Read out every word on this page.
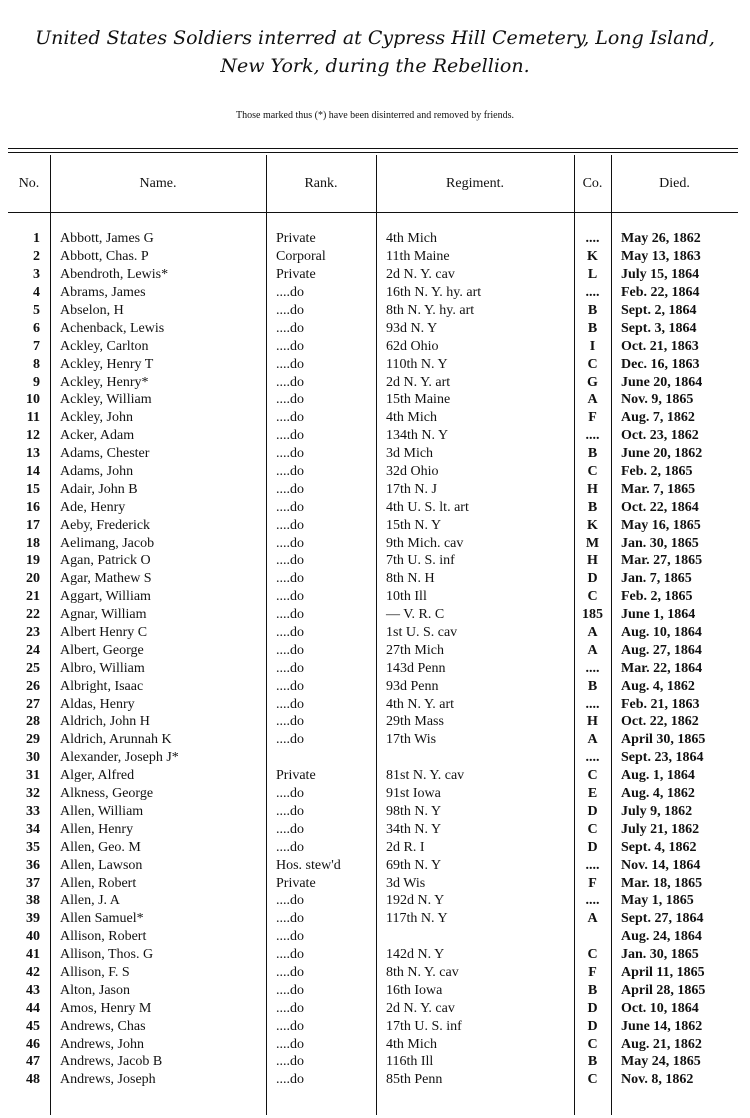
United States Soldiers interred at Cypress Hill Cemetery, Long Island,
New York, during the Rebellion.
Those marked thus (*) have been disinterred and removed by friends.
No.	Name.	Rank.	Regiment.	Co.	Died.
1	Abbott, James G	Private	4th Mich	....	May 26, 1862
2	Abbott, Chas. P	Corporal	11th Maine	K	May 13, 1863
3	Abendroth, Lewis*	Private	2d N. Y. cav	L	July 15, 1864
4	Abrams, James	....do	16th N. Y. hy. art	....	Feb. 22, 1864
5	Abselon, H	....do	8th N. Y. hy. art	B	Sept. 2, 1864
6	Achenback, Lewis	....do	93d N. Y	B	Sept. 3, 1864
7	Ackley, Carlton	....do	62d Ohio	I	Oct. 21, 1863
8	Ackley, Henry T	....do	110th N. Y	C	Dec. 16, 1863
9	Ackley, Henry*	....do	2d N. Y. art	G	June 20, 1864
10	Ackley, William	....do	15th Maine	A	Nov. 9, 1865
11	Ackley, John	....do	4th Mich	F	Aug. 7, 1862
12	Acker, Adam	....do	134th N. Y	....	Oct. 23, 1862
13	Adams, Chester	....do	3d Mich	B	June 20, 1862
14	Adams, John	....do	32d Ohio	C	Feb. 2, 1865
15	Adair, John B	....do	17th N. J	H	Mar. 7, 1865
16	Ade, Henry	....do	4th U. S. lt. art	B	Oct. 22, 1864
17	Aeby, Frederick	....do	15th N. Y	K	May 16, 1865
18	Aelimang, Jacob	....do	9th Mich. cav	M	Jan. 30, 1865
19	Agan, Patrick O	....do	7th U. S. inf	H	Mar. 27, 1865
20	Agar, Mathew S	....do	8th N. H	D	Jan. 7, 1865
21	Aggart, William	....do	10th Ill	C	Feb. 2, 1865
22	Agnar, William	....do	— V. R. C	185	June 1, 1864
23	Albert Henry C	....do	1st U. S. cav	A	Aug. 10, 1864
24	Albert, George	....do	27th Mich	A	Aug. 27, 1864
25	Albro, William	....do	143d Penn	....	Mar. 22, 1864
26	Albright, Isaac	....do	93d Penn	B	Aug. 4, 1862
27	Aldas, Henry	....do	4th N. Y. art	....	Feb. 21, 1863
28	Aldrich, John H	....do	29th Mass	H	Oct. 22, 1862
29	Aldrich, Arunnah K	....do	17th Wis	A	April 30, 1865
30	Alexander, Joseph J*			....	Sept. 23, 1864
31	Alger, Alfred	Private	81st N. Y. cav	C	Aug. 1, 1864
32	Alkness, George	....do	91st Iowa	E	Aug. 4, 1862
33	Allen, William	....do	98th N. Y	D	July 9, 1862
34	Allen, Henry	....do	34th N. Y	C	July 21, 1862
35	Allen, Geo. M	....do	2d R. I	D	Sept. 4, 1862
36	Allen, Lawson	Hos. stew'd	69th N. Y	....	Nov. 14, 1864
37	Allen, Robert	Private	3d Wis	F	Mar. 18, 1865
38	Allen, J. A	....do	192d N. Y	....	May 1, 1865
39	Allen Samuel*	....do	117th N. Y	A	Sept. 27, 1864
40	Allison, Robert	....do			Aug. 24, 1864
41	Allison, Thos. G	....do	142d N. Y	C	Jan. 30, 1865
42	Allison, F. S	....do	8th N. Y. cav	F	April 11, 1865
43	Alton, Jason	....do	16th Iowa	B	April 28, 1865
44	Amos, Henry M	....do	2d N. Y. cav	D	Oct. 10, 1864
45	Andrews, Chas	....do	17th U. S. inf	D	June 14, 1862
46	Andrews, John	....do	4th Mich	C	Aug. 21, 1862
47	Andrews, Jacob B	....do	116th Ill	B	May 24, 1865
48	Andrews, Joseph	....do	85th Penn	C	Nov. 8, 1862
